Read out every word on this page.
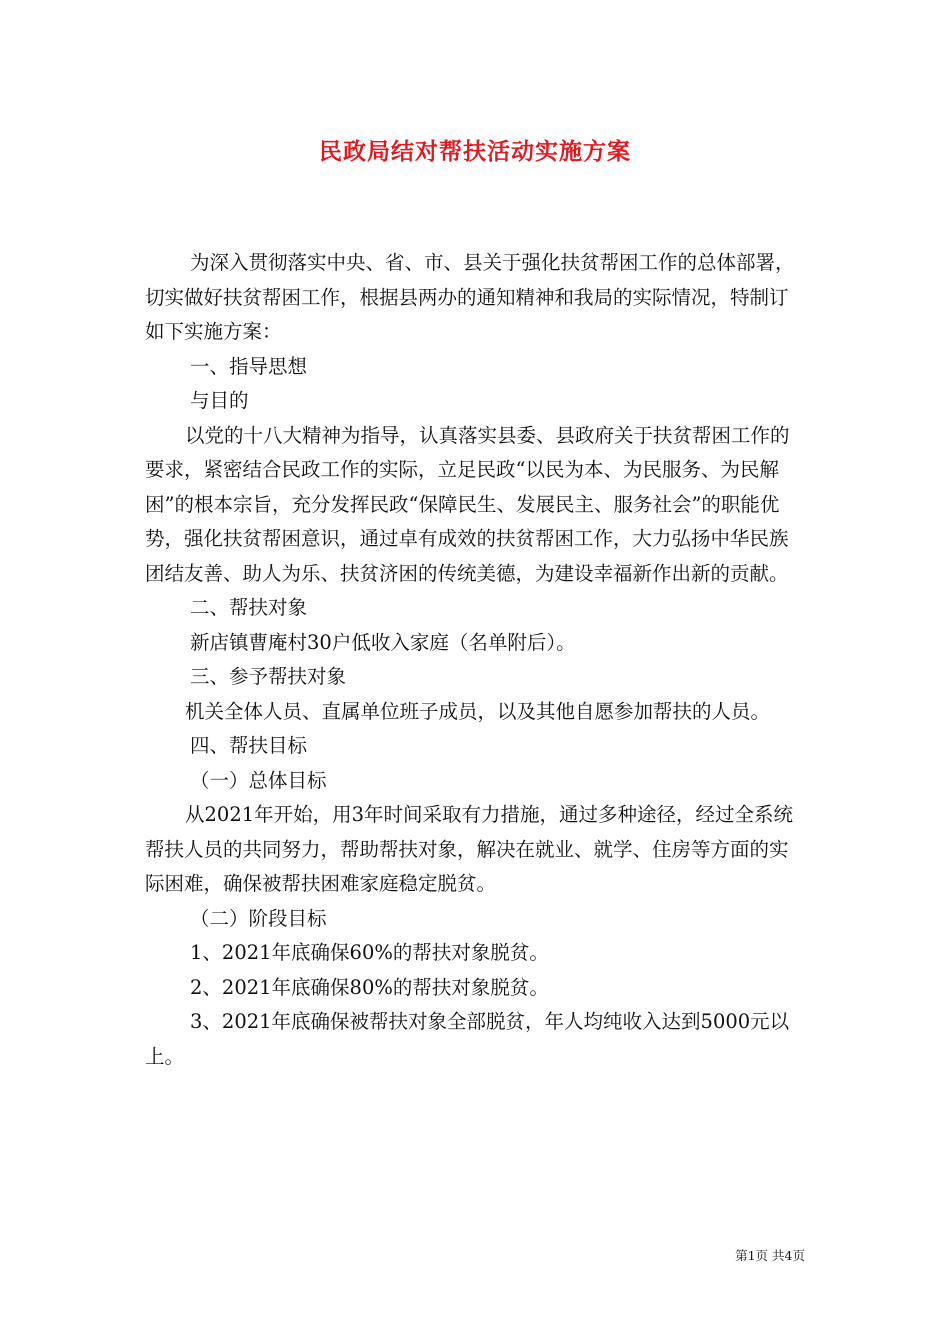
民政局结对帮扶活动实施方案

为深入贯彻落实中央、省、市、县关于强化扶贫帮困工作的总体部署，切实做好扶贫帮困工作，根据县两办的通知精神和我局的实际情况，特制订如下实施方案：

一、指导思想

与目的

以党的十八大精神为指导，认真落实县委、县政府关于扶贫帮困工作的要求，紧密结合民政工作的实际，立足民政“以民为本、为民服务、为民解困”的根本宗旨，充分发挥民政“保障民生、发展民主、服务社会”的职能优势，强化扶贫帮困意识，通过卓有成效的扶贫帮困工作，大力弘扬中华民族团结友善、助人为乐、扶贫济困的传统美德，为建设幸福新作出新的贡献。

二、帮扶对象

新店镇曹庵村30户低收入家庭（名单附后）。

三、参予帮扶对象

机关全体人员、直属单位班子成员，以及其他自愿参加帮扶的人员。

四、帮扶目标

（一）总体目标

从2021年开始，用3年时间采取有力措施，通过多种途径，经过全系统帮扶人员的共同努力，帮助帮扶对象，解决在就业、就学、住房等方面的实际困难，确保被帮扶困难家庭稳定脱贫。

（二）阶段目标

1、2021年底确保60%的帮扶对象脱贫。

2、2021年底确保80%的帮扶对象脱贫。

3、2021年底确保被帮扶对象全部脱贫，年人均纯收入达到5000元以上。

第1页 共4页
